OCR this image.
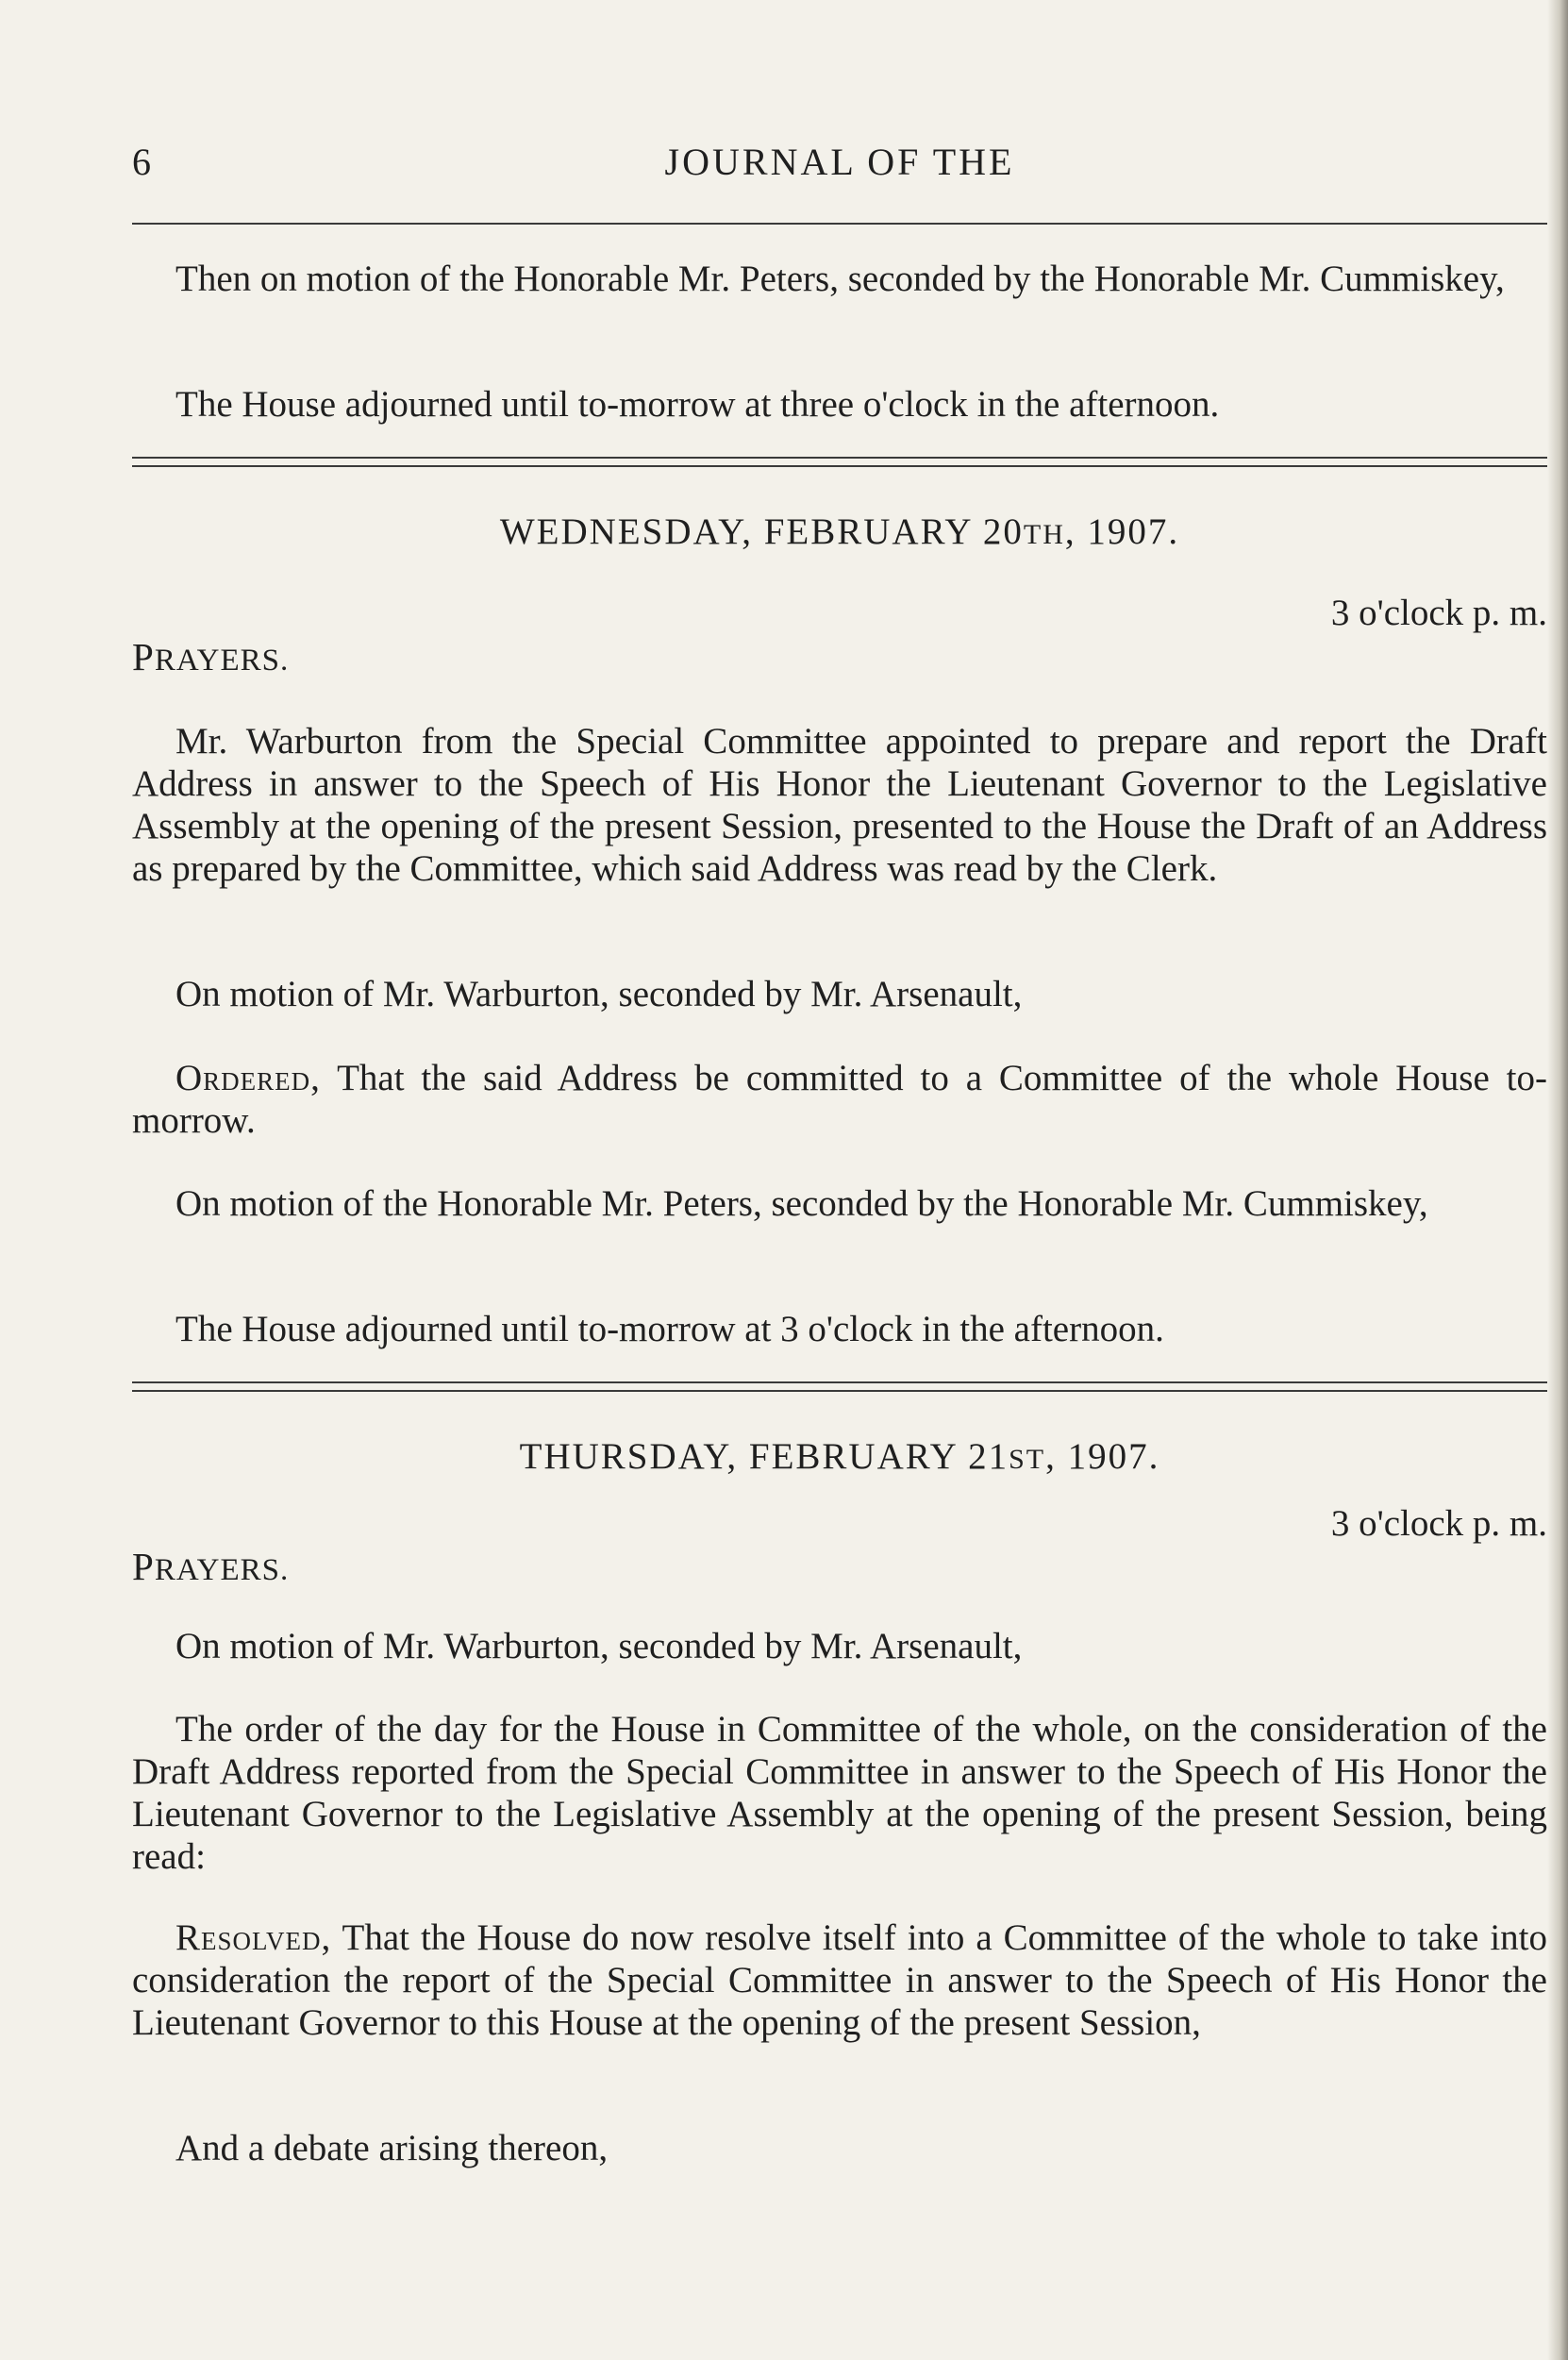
6	JOURNAL OF THE

Then on motion of the Honorable Mr. Peters, seconded by the Honorable Mr. Cummiskey,

The House adjourned until to-morrow at three o'clock in the afternoon.

WEDNESDAY, FEBRUARY 20TH, 1907.
3 o'clock p. m.
PRAYERS.

Mr. Warburton from the Special Committee appointed to prepare and report the Draft Address in answer to the Speech of His Honor the Lieutenant Governor to the Legislative Assembly at the opening of the present Session, presented to the House the Draft of an Address as prepared by the Committee, which said Address was read by the Clerk.

On motion of Mr. Warburton, seconded by Mr. Arsenault,

Ordered, That the said Address be committed to a Committee of the whole House to-morrow.

On motion of the Honorable Mr. Peters, seconded by the Honorable Mr. Cummiskey,

The House adjourned until to-morrow at 3 o'clock in the afternoon.

THURSDAY, FEBRUARY 21ST, 1907.
3 o'clock p. m.
PRAYERS.

On motion of Mr. Warburton, seconded by Mr. Arsenault,

The order of the day for the House in Committee of the whole, on the consideration of the Draft Address reported from the Special Committee in answer to the Speech of His Honor the Lieutenant Governor to the Legislative Assembly at the opening of the present Session, being read:

Resolved, That the House do now resolve itself into a Committee of the whole to take into consideration the report of the Special Committee in answer to the Speech of His Honor the Lieutenant Governor to this House at the opening of the present Session,

And a debate arising thereon,
